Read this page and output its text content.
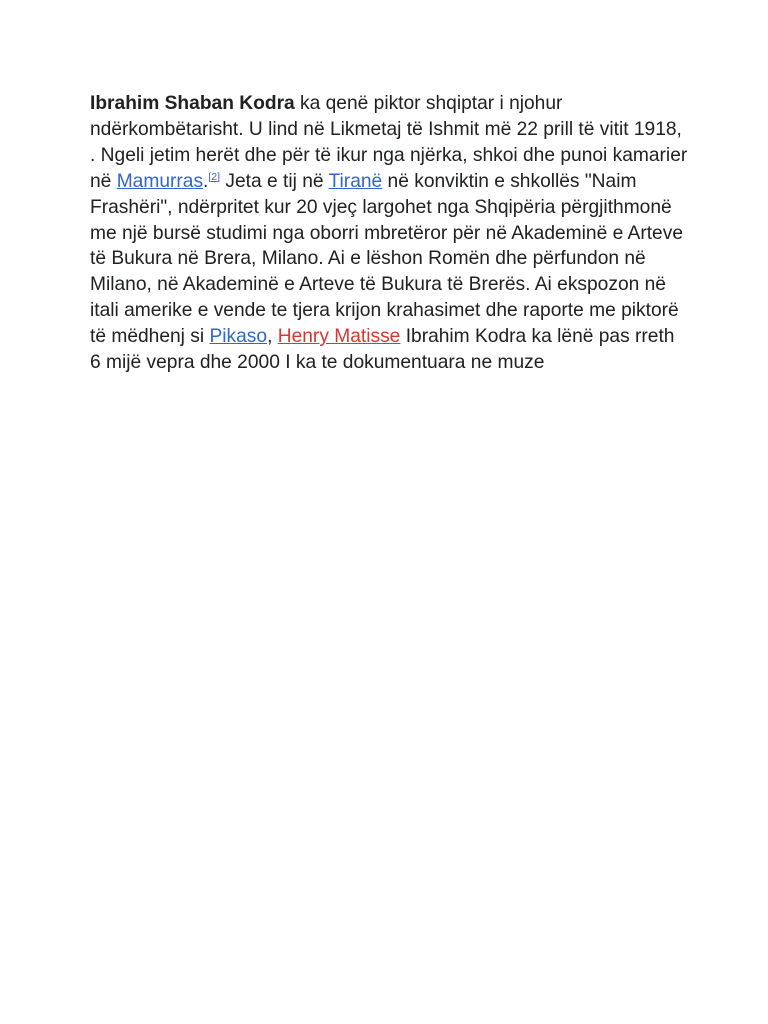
Ibrahim Shaban Kodra ka qenë piktor shqiptar i njohur ndërkombëtarisht. U lind në Likmetaj të Ishmit më 22 prill të vitit 1918, . Ngeli jetim herët dhe për të ikur nga njërka, shkoi dhe punoi kamarier në Mamurras.[2] Jeta e tij në Tiranë në konviktin e shkollës "Naim Frashëri", ndërpritet kur 20 vjeç largohet nga Shqipëria përgjithmonë me një bursë studimi nga oborri mbretëror për në Akademinë e Arteve të Bukura në Brera, Milano. Ai e lëshon Romën dhe përfundon në Milano, në Akademinë e Arteve të Bukura të Brerës. Ai ekspozon në itali amerike e vende te tjera krijon krahasimet dhe raporte me piktorë të mëdhenj si Pikaso, Henry Matisse Ibrahim Kodra ka lënë pas rreth 6 mijë vepra dhe 2000 I ka te dokumentuara ne muze
